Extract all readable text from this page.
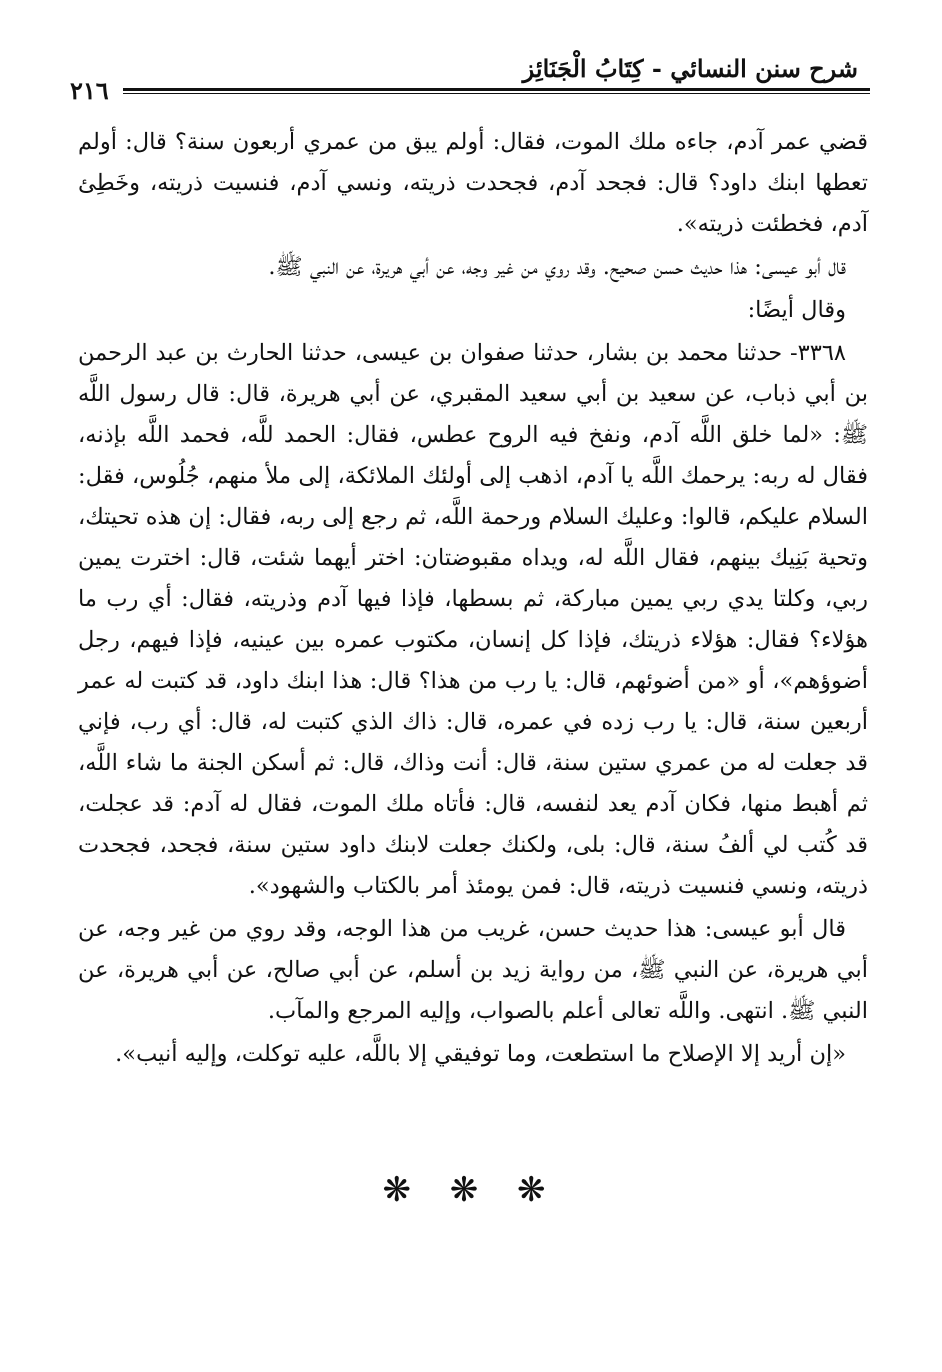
شرح سنن النسائي - كِتَابُ الْجَنَائِز
٢١٦

قضي عمر آدم، جاءه ملك الموت، فقال: أولم يبق من عمري أربعون سنة؟ قال: أولم تعطها ابنك داود؟ قال: فجحد آدم، فجحدت ذريته، ونسي آدم، فنسيت ذريته، وخَطِئ آدم، فخطئت ذريته».

قال أبو عيسى: هذا حديث حسن صحيح. وقد روي من غير وجه، عن أبي هريرة، عن النبي ﷺ.

وقال أيضًا:

٣٣٦٨- حدثنا محمد بن بشار، حدثنا صفوان بن عيسى، حدثنا الحارث بن عبد الرحمن بن أبي ذباب، عن سعيد بن أبي سعيد المقبري، عن أبي هريرة، قال: قال رسول اللَّه ﷺ: «لما خلق اللَّه آدم، ونفخ فيه الروح عطس، فقال: الحمد للَّه، فحمد اللَّه بإذنه، فقال له ربه: يرحمك اللَّه يا آدم، اذهب إلى أولئك الملائكة، إلى ملأ منهم، جُلُوس، فقل: السلام عليكم، قالوا: وعليك السلام ورحمة اللَّه، ثم رجع إلى ربه، فقال: إن هذه تحيتك، وتحية بَنِيك بينهم، فقال اللَّه له، ويداه مقبوضتان: اختر أيهما شئت، قال: اخترت يمين ربي، وكلتا يدي ربي يمين مباركة، ثم بسطها، فإذا فيها آدم وذريته، فقال: أي رب ما هؤلاء؟ فقال: هؤلاء ذريتك، فإذا كل إنسان، مكتوب عمره بين عينيه، فإذا فيهم، رجل أضوؤهم»، أو «من أضوئهم، قال: يا رب من هذا؟ قال: هذا ابنك داود، قد كتبت له عمر أربعين سنة، قال: يا رب زده في عمره، قال: ذاك الذي كتبت له، قال: أي رب، فإني قد جعلت له من عمري ستين سنة، قال: أنت وذاك، قال: ثم أسكن الجنة ما شاء اللَّه، ثم أهبط منها، فكان آدم يعد لنفسه، قال: فأتاه ملك الموت، فقال له آدم: قد عجلت، قد كُتب لي ألفُ سنة، قال: بلى، ولكنك جعلت لابنك داود ستين سنة، فجحد، فجحدت ذريته، ونسي فنسيت ذريته، قال: فمن يومئذ أمر بالكتاب والشهود».

قال أبو عيسى: هذا حديث حسن، غريب من هذا الوجه، وقد روي من غير وجه، عن أبي هريرة، عن النبي ﷺ، من رواية زيد بن أسلم، عن أبي صالح، عن أبي هريرة، عن النبي ﷺ. انتهى. واللَّه تعالى أعلم بالصواب، وإليه المرجع والمآب.

«إن أريد إلا الإصلاح ما استطعت، وما توفيقي إلا باللَّه، عليه توكلت، وإليه أنيب».

❋ ❋ ❋
